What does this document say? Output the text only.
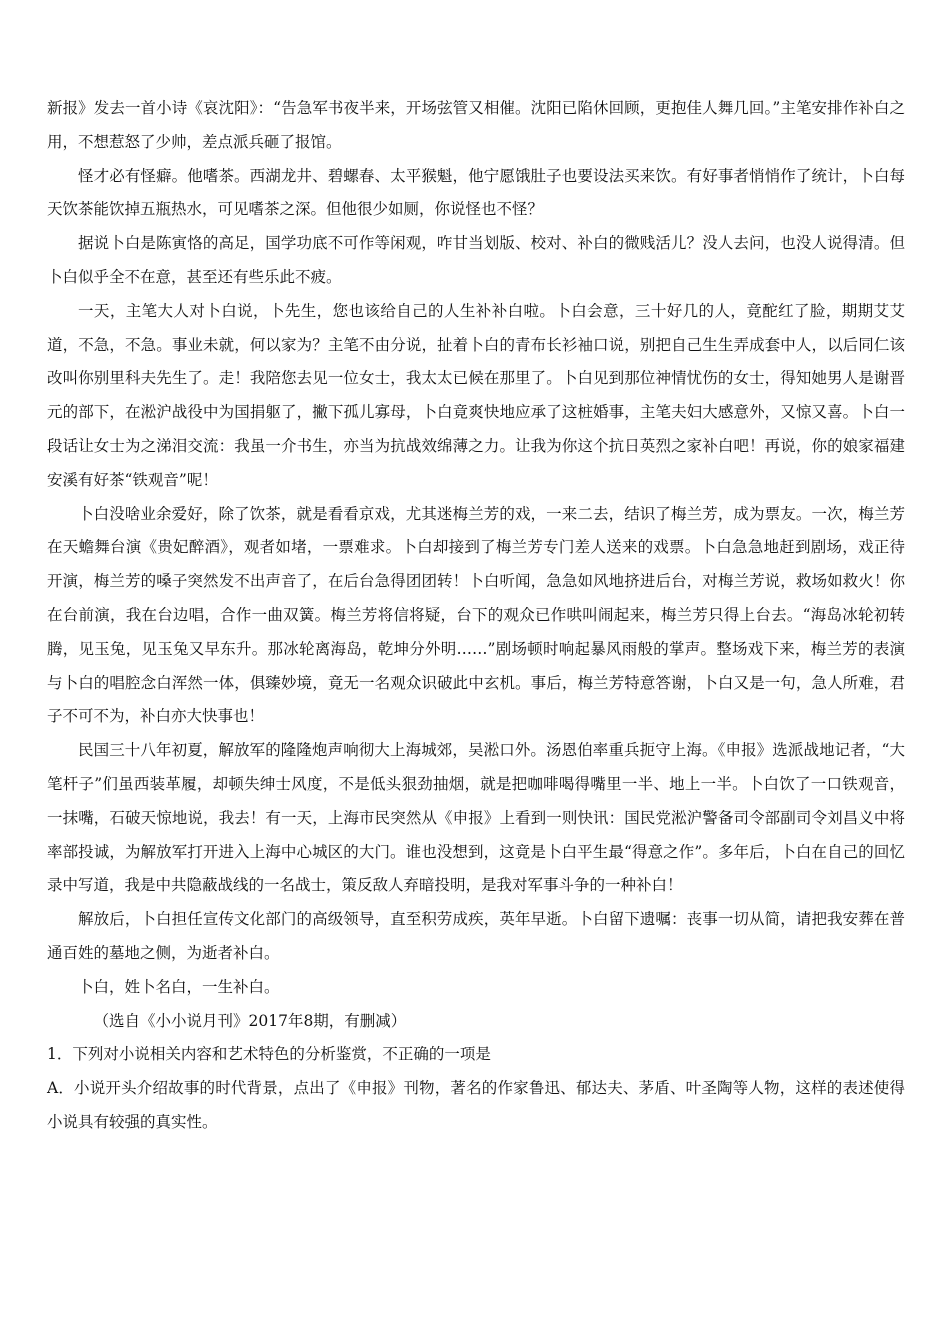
新报》发去一首小诗《哀沈阳》：“告急军书夜半来，开场弦管又相催。沈阳已陷休回顾，更抱佳人舞几回。”主笔安排作补白之用，不想惹怒了少帅，差点派兵砸了报馆。

怪才必有怪癖。他嗜茶。西湖龙井、碧螺春、太平猴魁，他宁愿饿肚子也要设法买来饮。有好事者悄悄作了统计，卜白每天饮茶能饮掉五瓶热水，可见嗜茶之深。但他很少如厕，你说怪也不怪？

据说卜白是陈寅恪的高足，国学功底不可作等闲观，咋甘当划版、校对、补白的微贱活儿？没人去问，也没人说得清。但卜白似乎全不在意，甚至还有些乐此不疲。

一天，主笔大人对卜白说，卜先生，您也该给自己的人生补补白啦。卜白会意，三十好几的人，竟酡红了脸，期期艾艾道，不急，不急。事业未就，何以家为？主笔不由分说，扯着卜白的青布长衫袖口说，别把自己生生弄成套中人，以后同仁该改叫你别里科夫先生了。走！我陪您去见一位女士，我太太已候在那里了。卜白见到那位神情忧伤的女士，得知她男人是谢晋元的部下，在淞沪战役中为国捐躯了，撇下孤儿寡母，卜白竟爽快地应承了这桩婚事，主笔夫妇大感意外，又惊又喜。卜白一段话让女士为之涕泪交流：我虽一介书生，亦当为抗战效绵薄之力。让我为你这个抗日英烈之家补白吧！再说，你的娘家福建安溪有好茶“铁观音”呢！

卜白没啥业余爱好，除了饮茶，就是看看京戏，尤其迷梅兰芳的戏，一来二去，结识了梅兰芳，成为票友。一次，梅兰芳在天蟾舞台演《贵妃醉酒》，观者如堵，一票难求。卜白却接到了梅兰芳专门差人送来的戏票。卜白急急地赶到剧场，戏正待开演，梅兰芳的嗓子突然发不出声音了，在后台急得团团转！卜白听闻，急急如风地挤进后台，对梅兰芳说，救场如救火！你在台前演，我在台边唱，合作一曲双簧。梅兰芳将信将疑，台下的观众已作哄叫闹起来，梅兰芳只得上台去。“海岛冰轮初转腾，见玉兔，见玉兔又早东升。那冰轮离海岛，乾坤分外明……”剧场顿时响起暴风雨般的掌声。整场戏下来，梅兰芳的表演与卜白的唱腔念白浑然一体，俱臻妙境，竟无一名观众识破此中玄机。事后，梅兰芳特意答谢，卜白又是一句，急人所难，君子不可不为，补白亦大快事也！

民国三十八年初夏，解放军的隆隆炮声响彻大上海城郊，吴淞口外。汤恩伯率重兵扼守上海。《申报》选派战地记者，“大笔杆子”们虽西装革履，却顿失绅士风度，不是低头狠劲抽烟，就是把咖啡喝得嘴里一半、地上一半。卜白饮了一口铁观音，一抹嘴，石破天惊地说，我去！有一天，上海市民突然从《申报》上看到一则快讯：国民党淞沪警备司令部副司令刘昌义中将率部投诚，为解放军打开进入上海中心城区的大门。谁也没想到，这竟是卜白平生最“得意之作”。多年后，卜白在自己的回忆录中写道，我是中共隐蔽战线的一名战士，策反敌人弃暗投明，是我对军事斗争的一种补白！

解放后，卜白担任宣传文化部门的高级领导，直至积劳成疾，英年早逝。卜白留下遗嘱：丧事一切从简，请把我安葬在普通百姓的墓地之侧，为逝者补白。

卜白，姓卜名白，一生补白。

（选自《小小说月刊》2017年8期，有删减）

1．下列对小说相关内容和艺术特色的分析鉴赏，不正确的一项是

A．小说开头介绍故事的时代背景，点出了《申报》刊物，著名的作家鲁迅、郁达夫、茅盾、叶圣陶等人物，这样的表述使得小说具有较强的真实性。
